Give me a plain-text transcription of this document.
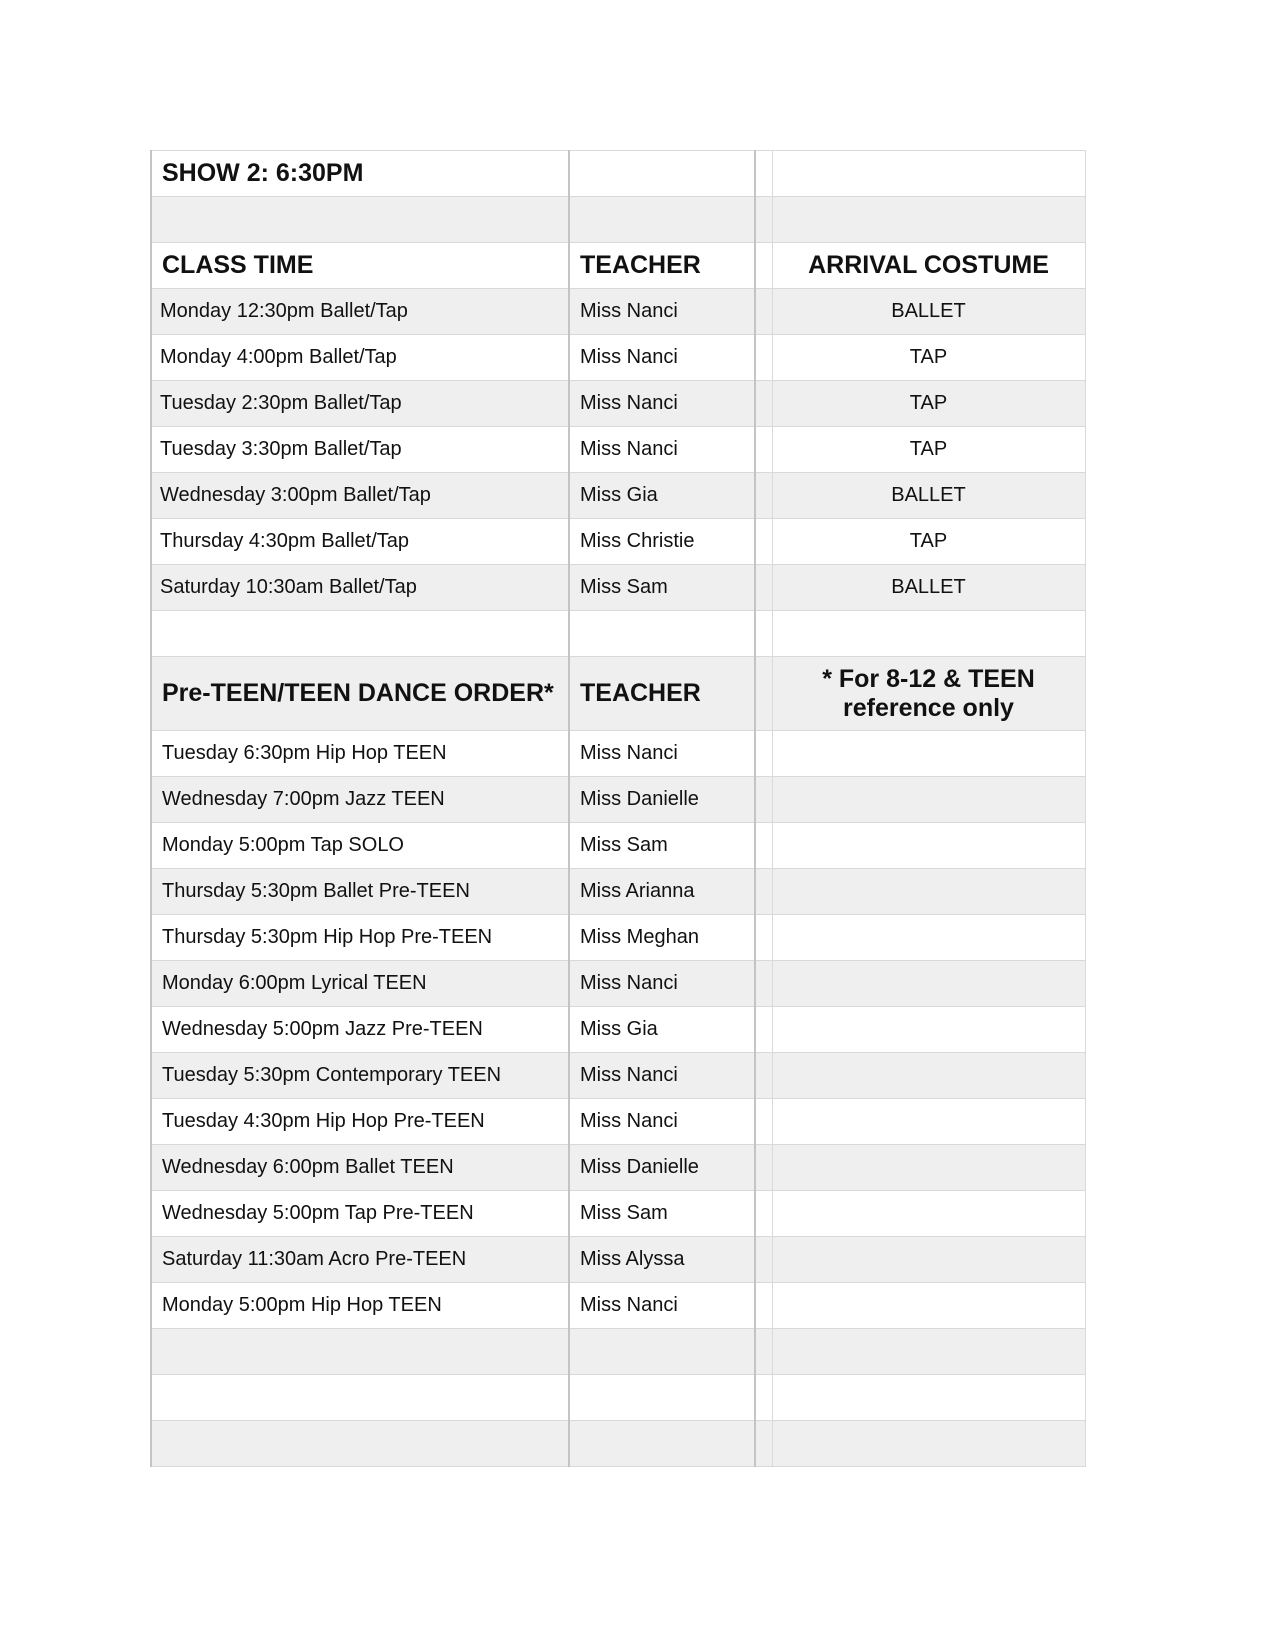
SHOW 2: 6:30PM			

CLASS TIME	TEACHER		ARRIVAL COSTUME
Monday 12:30pm Ballet/Tap	Miss Nanci		BALLET
Monday 4:00pm Ballet/Tap	Miss Nanci		TAP
Tuesday 2:30pm Ballet/Tap	Miss Nanci		TAP
Tuesday 3:30pm Ballet/Tap	Miss Nanci		TAP
Wednesday 3:00pm Ballet/Tap	Miss Gia		BALLET
Thursday 4:30pm Ballet/Tap	Miss Christie		TAP
Saturday 10:30am Ballet/Tap	Miss Sam		BALLET

Pre-TEEN/TEEN DANCE ORDER*	TEACHER		* For 8-12 & TEEN reference only
Tuesday 6:30pm Hip Hop TEEN	Miss Nanci		
Wednesday 7:00pm Jazz TEEN	Miss Danielle		
Monday 5:00pm Tap SOLO	Miss Sam		
Thursday 5:30pm Ballet Pre-TEEN	Miss Arianna		
Thursday 5:30pm Hip Hop Pre-TEEN	Miss Meghan		
Monday 6:00pm Lyrical TEEN	Miss Nanci		
Wednesday 5:00pm Jazz Pre-TEEN	Miss Gia		
Tuesday 5:30pm Contemporary TEEN	Miss Nanci		
Tuesday 4:30pm Hip Hop Pre-TEEN	Miss Nanci		
Wednesday 6:00pm Ballet TEEN	Miss Danielle		
Wednesday 5:00pm Tap Pre-TEEN	Miss Sam		
Saturday 11:30am Acro Pre-TEEN	Miss Alyssa		
Monday 5:00pm Hip Hop TEEN	Miss Nanci		
